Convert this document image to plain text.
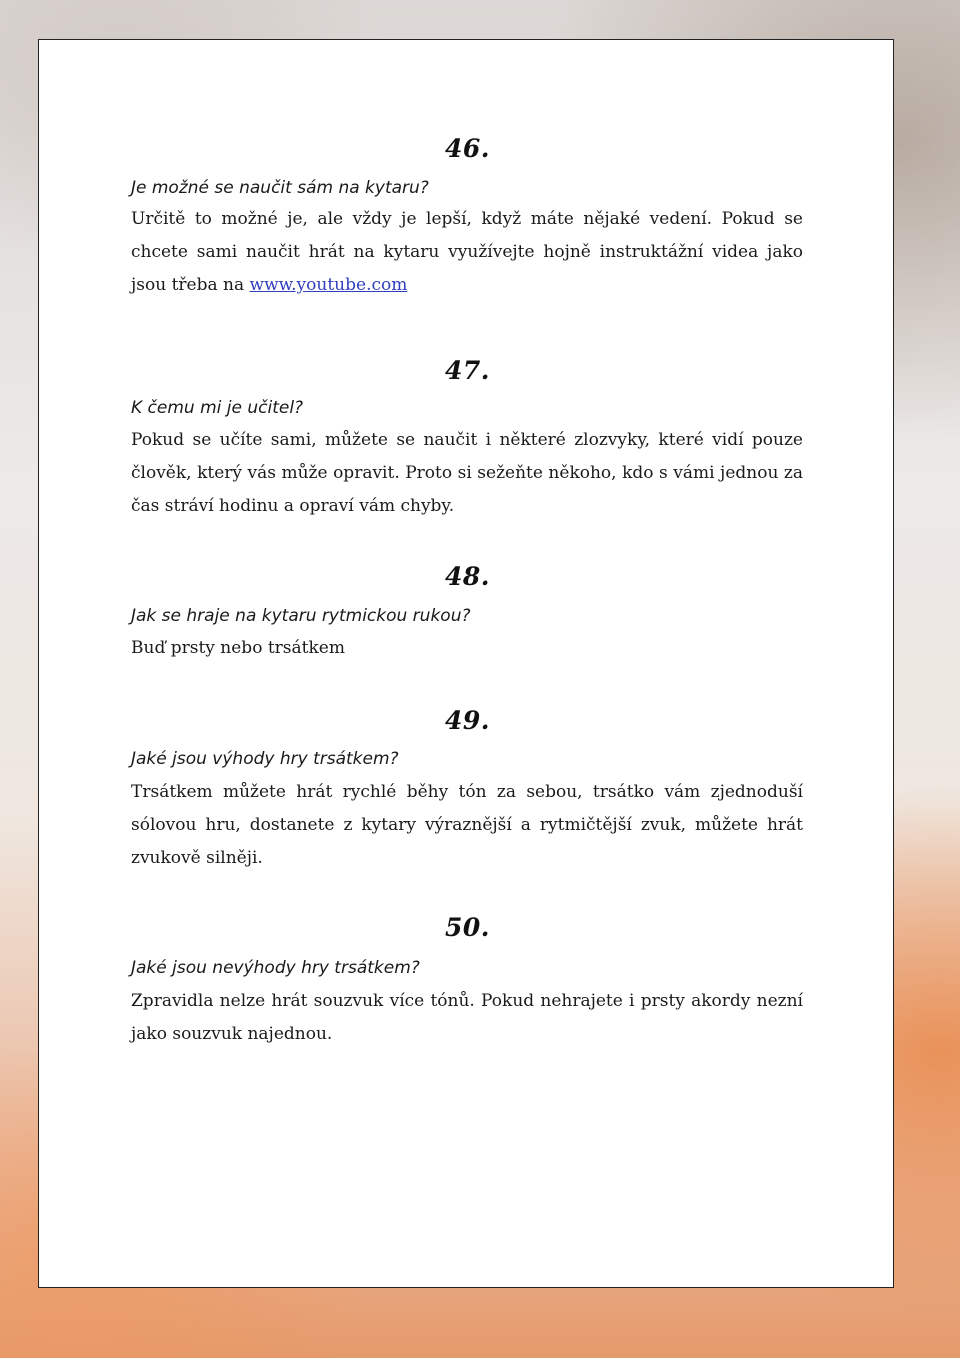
46.

Je možné se naučit sám na kytaru?

Určitě to možné je, ale vždy je lepší, když máte nějaké vedení. Pokud se chcete sami naučit hrát na kytaru využívejte hojně instruktážní videa jako jsou třeba na www.youtube.com

47.

K čemu mi je učitel?

Pokud se učíte sami, můžete se naučit i některé zlozvyky, které vidí pouze člověk, který vás může opravit. Proto si sežeňte někoho, kdo s vámi jednou za čas stráví hodinu a opraví vám chyby.

48.

Jak se hraje na kytaru rytmickou rukou?

Buď prsty nebo trsátkem

49.

Jaké jsou výhody hry trsátkem?

Trsátkem můžete hrát rychlé běhy tón za sebou, trsátko vám zjednoduší sólovou hru, dostanete z kytary výraznější a rytmičtější zvuk, můžete hrát zvukově silněji.

50.

Jaké jsou nevýhody hry trsátkem?

Zpravidla nelze hrát souzvuk více tónů. Pokud nehrajete i prsty akordy nezní jako souzvuk najednou.
